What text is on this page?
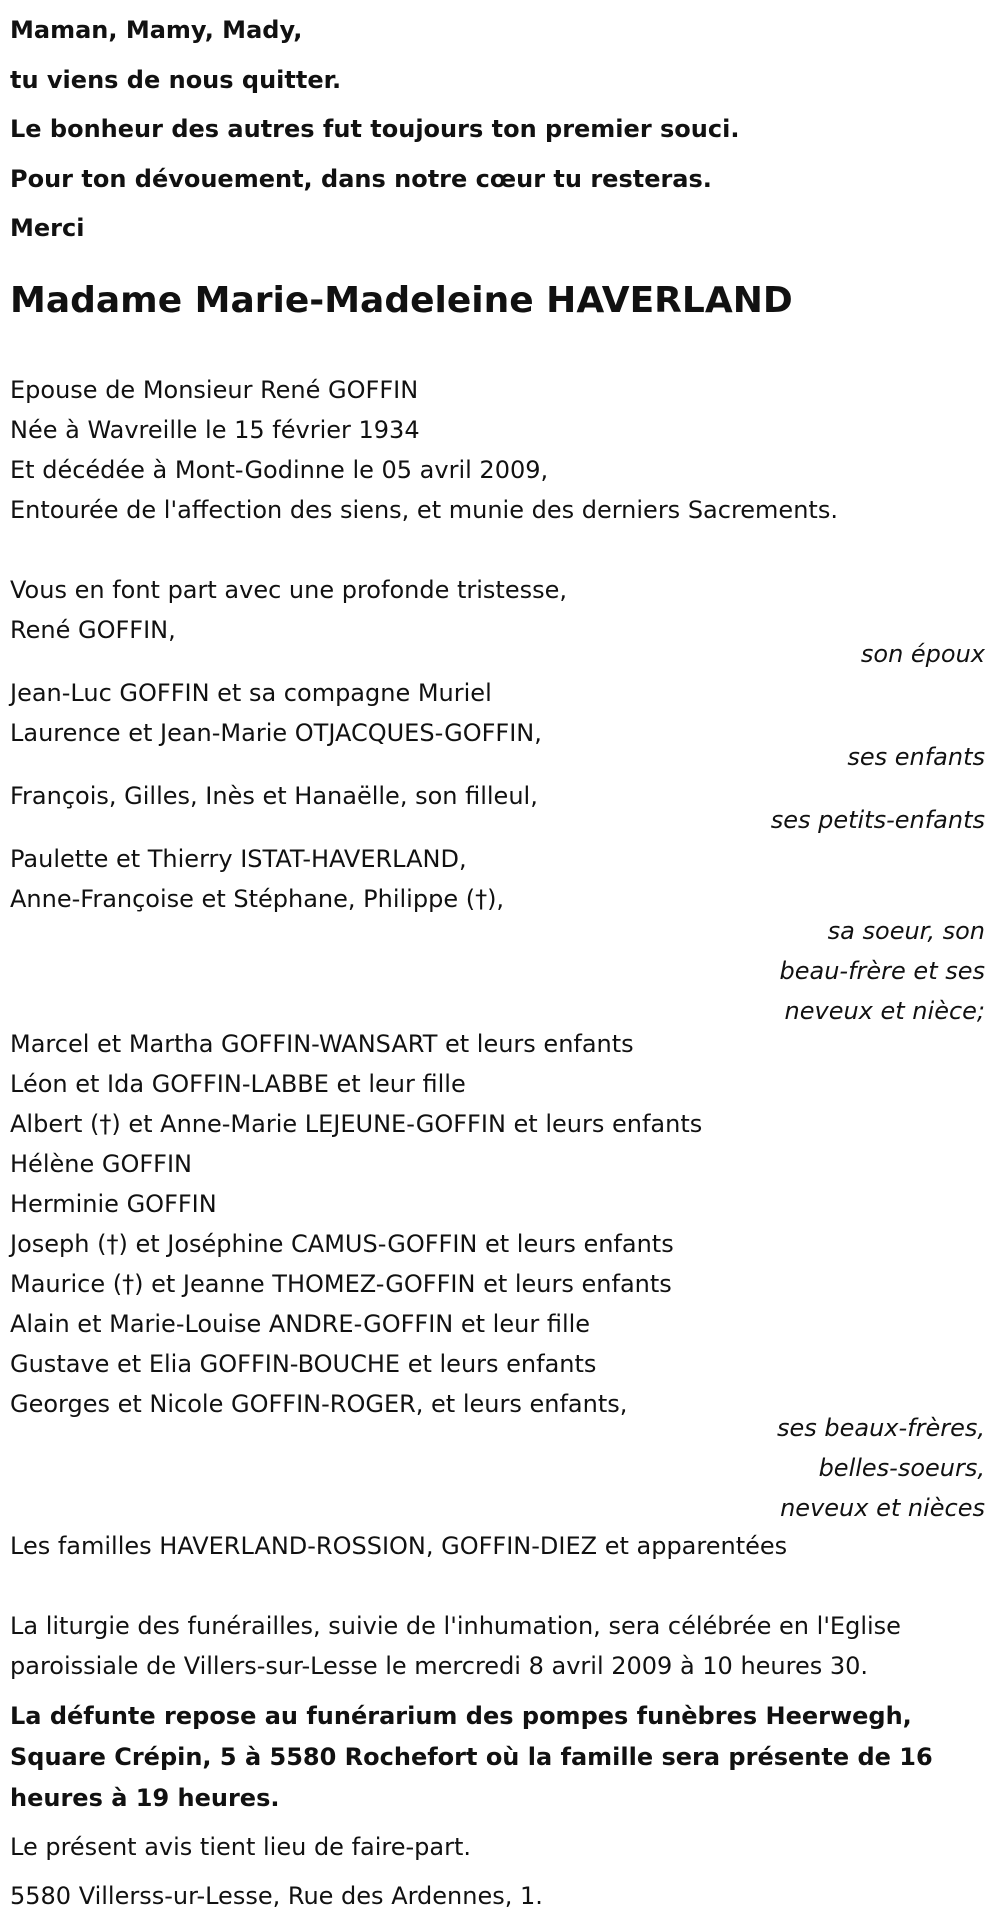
Maman, Mamy, Mady,

tu viens de nous quitter.

Le bonheur des autres fut toujours ton premier souci.

Pour ton dévouement, dans notre cœur tu resteras.

Merci

Madame Marie-Madeleine HAVERLAND
Epouse de Monsieur René GOFFIN
Née à Wavreille le 15 février 1934
Et décédée à Mont-Godinne le 05 avril 2009,
Entourée de l'affection des siens, et munie des derniers Sacrements.
Vous en font part avec une profonde tristesse,
René GOFFIN,
son époux
Jean-Luc GOFFIN et sa compagne Muriel
Laurence et Jean-Marie OTJACQUES-GOFFIN,
ses enfants
François, Gilles, Inès et Hanaëlle, son filleul,
ses petits-enfants
Paulette et Thierry ISTAT-HAVERLAND,
Anne-Françoise et Stéphane, Philippe (†),
sa soeur, son
beau-frère et ses
neveux et nièce;
Marcel et Martha GOFFIN-WANSART et leurs enfants
Léon et Ida GOFFIN-LABBE et leur fille
Albert (†) et Anne-Marie LEJEUNE-GOFFIN et leurs enfants
Hélène GOFFIN
Herminie GOFFIN
Joseph (†) et Joséphine CAMUS-GOFFIN et leurs enfants
Maurice (†) et Jeanne THOMEZ-GOFFIN et leurs enfants
Alain et Marie-Louise ANDRE-GOFFIN et leur fille
Gustave et Elia GOFFIN-BOUCHE et leurs enfants
Georges et Nicole GOFFIN-ROGER, et leurs enfants,
ses beaux-frères,
belles-soeurs,
neveux et nièces
Les familles HAVERLAND-ROSSION, GOFFIN-DIEZ et apparentées
La liturgie des funérailles, suivie de l'inhumation, sera célébrée en l'Eglise
paroissiale de Villers-sur-Lesse le mercredi 8 avril 2009 à 10 heures 30.
La défunte repose au funérarium des pompes funèbres Heerwegh,
Square Crépin, 5 à 5580 Rochefort où la famille sera présente de 16
heures à 19 heures.
Le présent avis tient lieu de faire-part.
5580 Villerss-ur-Lesse, Rue des Ardennes, 1.
